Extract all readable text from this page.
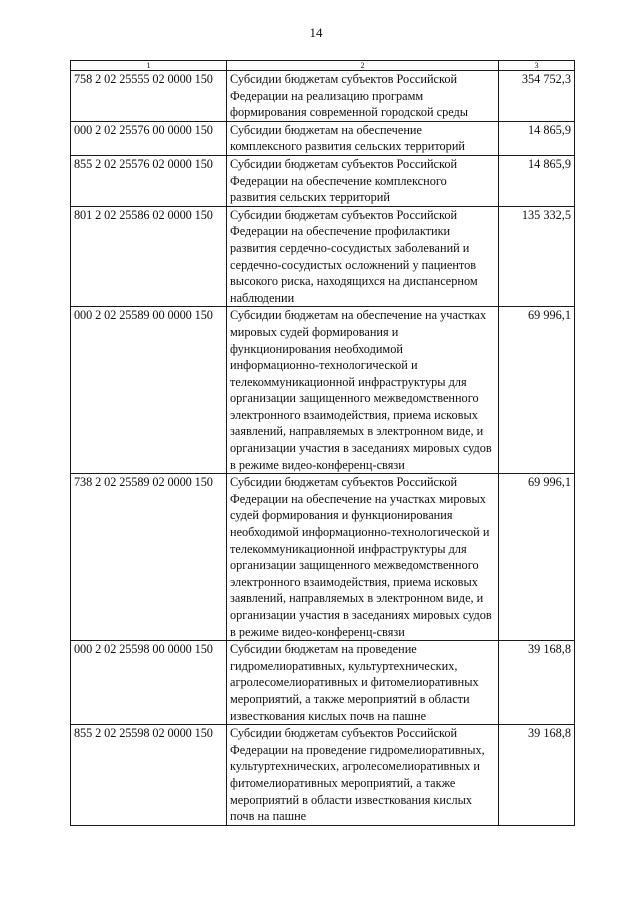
14
1	2	3
758 2 02 25555 02 0000 150	Субсидии бюджетам субъектов Российской Федерации на реализацию программ формирования современной городской среды	354 752,3
000 2 02 25576 00 0000 150	Субсидии бюджетам на обеспечение комплексного развития сельских территорий	14 865,9
855 2 02 25576 02 0000 150	Субсидии бюджетам субъектов Российской Федерации на обеспечение комплексного развития сельских территорий	14 865,9
801 2 02 25586 02 0000 150	Субсидии бюджетам субъектов Российской Федерации на обеспечение профилактики развития сердечно-сосудистых заболеваний и сердечно-сосудистых осложнений у пациентов высокого риска, находящихся на диспансерном наблюдении	135 332,5
000 2 02 25589 00 0000 150	Субсидии бюджетам на обеспечение на участках мировых судей формирования и функционирования необходимой информационно-технологической и телекоммуникационной инфраструктуры для организации защищенного межведомственного электронного взаимодействия, приема исковых заявлений, направляемых в электронном виде, и организации участия в заседаниях мировых судов в режиме видео-конференц-связи	69 996,1
738 2 02 25589 02 0000 150	Субсидии бюджетам субъектов Российской Федерации на обеспечение на участках мировых судей формирования и функционирования необходимой информационно-технологической и телекоммуникационной инфраструктуры для организации защищенного межведомственного электронного взаимодействия, приема исковых заявлений, направляемых в электронном виде, и организации участия в заседаниях мировых судов в режиме видео-конференц-связи	69 996,1
000 2 02 25598 00 0000 150	Субсидии бюджетам на проведение гидромелиоративных, культуртехнических, агролесомелиоративных и фитомелиоративных мероприятий, а также мероприятий в области известкования кислых почв на пашне	39 168,8
855 2 02 25598 02 0000 150	Субсидии бюджетам субъектов Российской Федерации на проведение гидромелиоративных, культуртехнических, агролесомелиоративных и фитомелиоративных мероприятий, а также мероприятий в области известкования кислых почв на пашне	39 168,8
